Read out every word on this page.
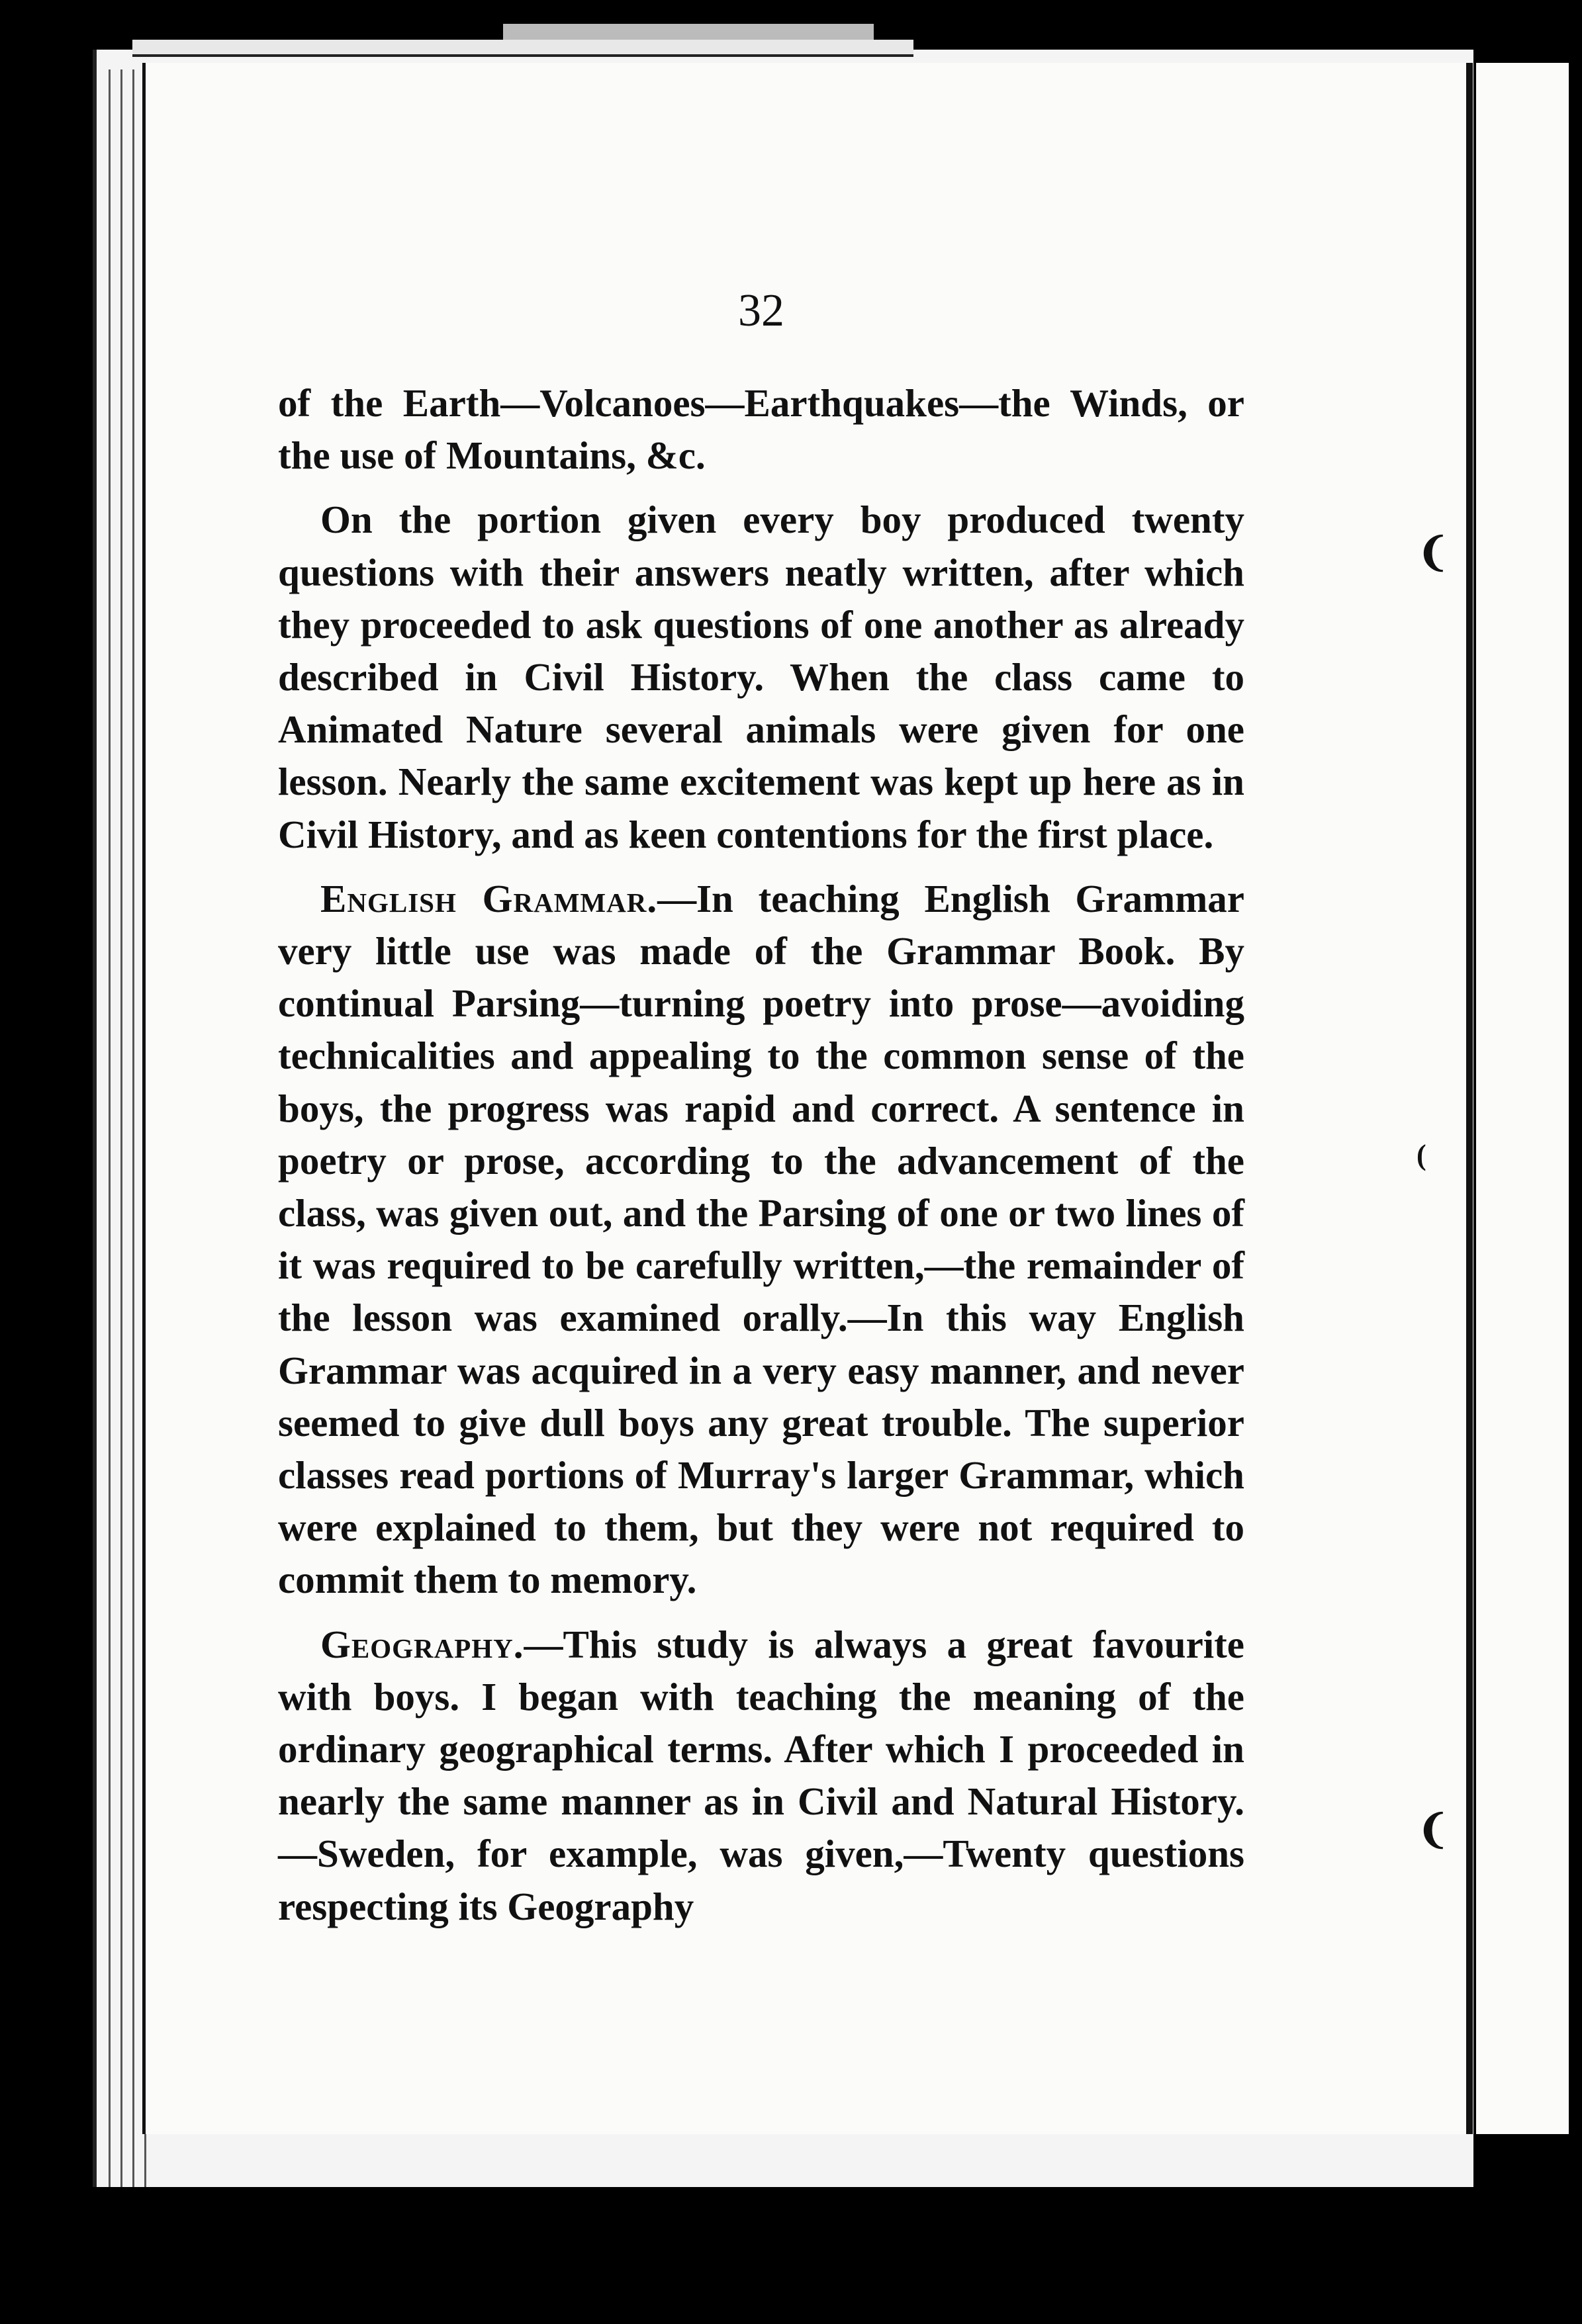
❨
(
❨
32

of the Earth—Volcanoes—Earthquakes—the Winds, or the use of Mountains, &c.

On the portion given every boy produced twenty questions with their answers neatly written, after which they proceeded to ask questions of one another as already described in Civil History. When the class came to Animated Nature several animals were given for one lesson. Nearly the same excitement was kept up here as in Civil History, and as keen contentions for the first place.

English Grammar.—In teaching English Grammar very little use was made of the Grammar Book. By continual Parsing—turning poetry into prose—avoiding technicalities and appealing to the common sense of the boys, the progress was rapid and correct. A sentence in poetry or prose, according to the advancement of the class, was given out, and the Parsing of one or two lines of it was required to be carefully written,—the remainder of the lesson was examined orally.—In this way English Grammar was acquired in a very easy manner, and never seemed to give dull boys any great trouble. The superior classes read portions of Murray's larger Grammar, which were explained to them, but they were not required to commit them to memory.

Geography.—This study is always a great favourite with boys. I began with teaching the meaning of the ordinary geographical terms. After which I proceeded in nearly the same manner as in Civil and Natural History.—Sweden, for example, was given,—Twenty questions respecting its Geography
